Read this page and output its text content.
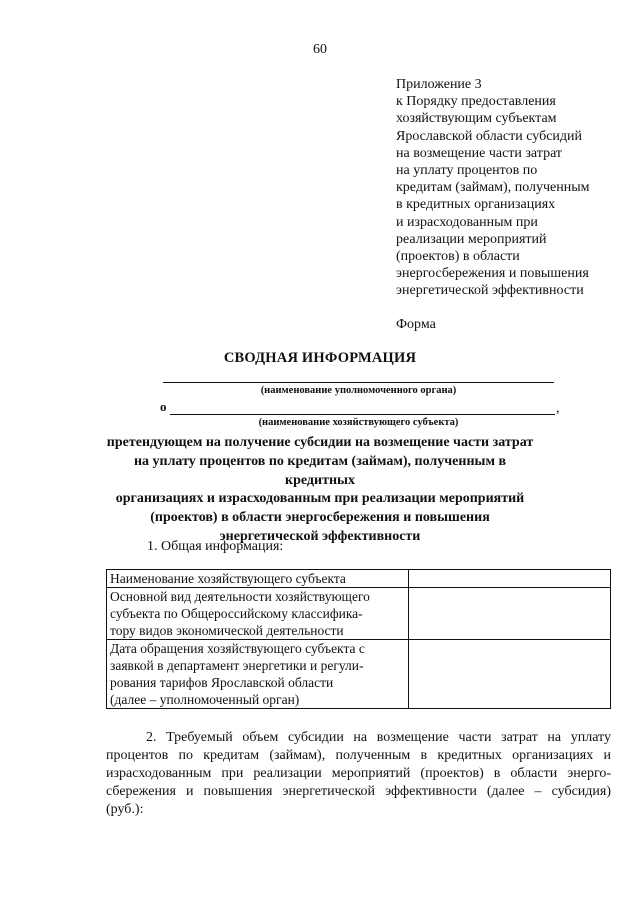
60
Приложение 3
к Порядку предоставления
хозяйствующим субъектам
Ярославской области субсидий
на возмещение части затрат
на уплату процентов по
кредитам (займам), полученным
в кредитных организациях
и израсходованным при
реализации мероприятий
(проектов) в области
энергосбережения и повышения
энергетической эффективности
Форма
СВОДНАЯ ИНФОРМАЦИЯ
(наименование уполномоченного органа)
о	,
(наименование хозяйствующего субъекта)
претендующем на получение субсидии на возмещение части затрат
на уплату процентов по кредитам (займам), полученным в кредитных
организациях и израсходованным при реализации мероприятий
(проектов) в области энергосбережения и повышения
энергетической эффективности
1. Общая информация:
Наименование хозяйствующего субъекта	

Основной вид деятельности хозяйствующего
субъекта по Общероссийскому классифика-
тору видов экономической деятельности	

Дата обращения хозяйствующего субъекта с
заявкой в департамент энергетики и регули-
рования тарифов Ярославской области
(далее – уполномоченный орган)	

2. Требуемый объем субсидии на возмещение части затрат на уплату
процентов по кредитам (займам), полученным в кредитных организациях и
израсходованным при реализации мероприятий (проектов) в области энерго-
сбережения и повышения энергетической эффективности (далее – субсидия)
(руб.):
